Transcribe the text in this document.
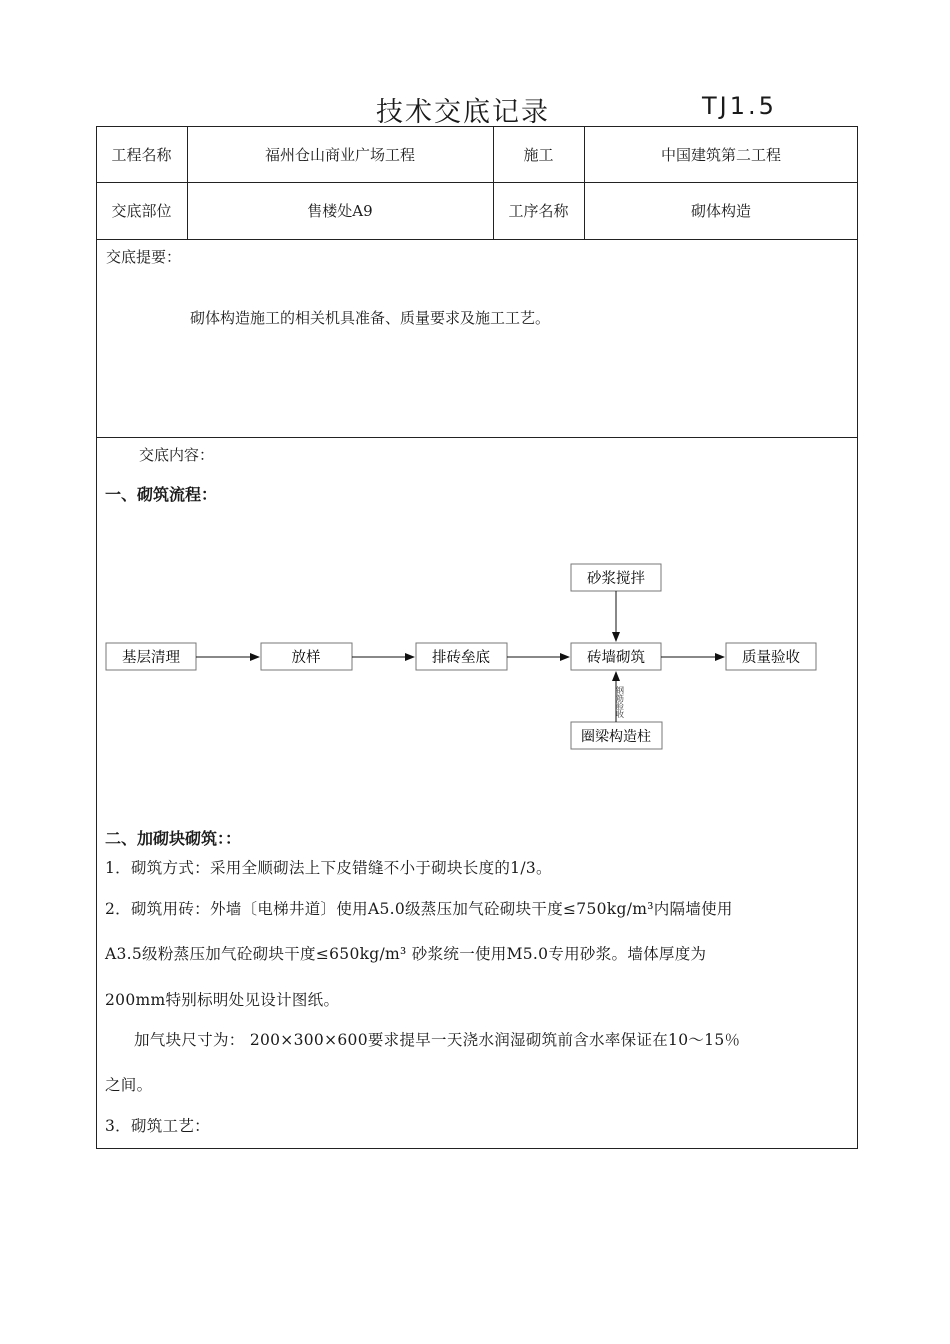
技术交底记录	TJ1.5
工程名称	福州仓山商业广场工程	施工	中国建筑第二工程
交底部位	售楼处A9	工序名称	砌体构造
交底提要：
砌体构造施工的相关机具准备、质量要求及施工工艺。
交底内容：
一、砌筑流程：
基层清理	放样	排砖垒底	砖墙砌筑	质量验收
砂浆搅拌
圈梁构造柱
钢筋验收
二、加砌块砌筑：：
1．砌筑方式：采用全顺砌法上下皮错缝不小于砌块长度的1/3。
2．砌筑用砖：外墙〔电梯井道〕使用A5.0级蒸压加气砼砌块干度≤750kg/m³内隔墙使用
A3.5级粉蒸压加气砼砌块干度≤650kg/m³ 砂浆统一使用M5.0专用砂浆。墙体厚度为
200mm特别标明处见设计图纸。
加气块尺寸为： 200×300×600要求提早一天浇水润湿砌筑前含水率保证在10～15％
之间。
3．砌筑工艺：
